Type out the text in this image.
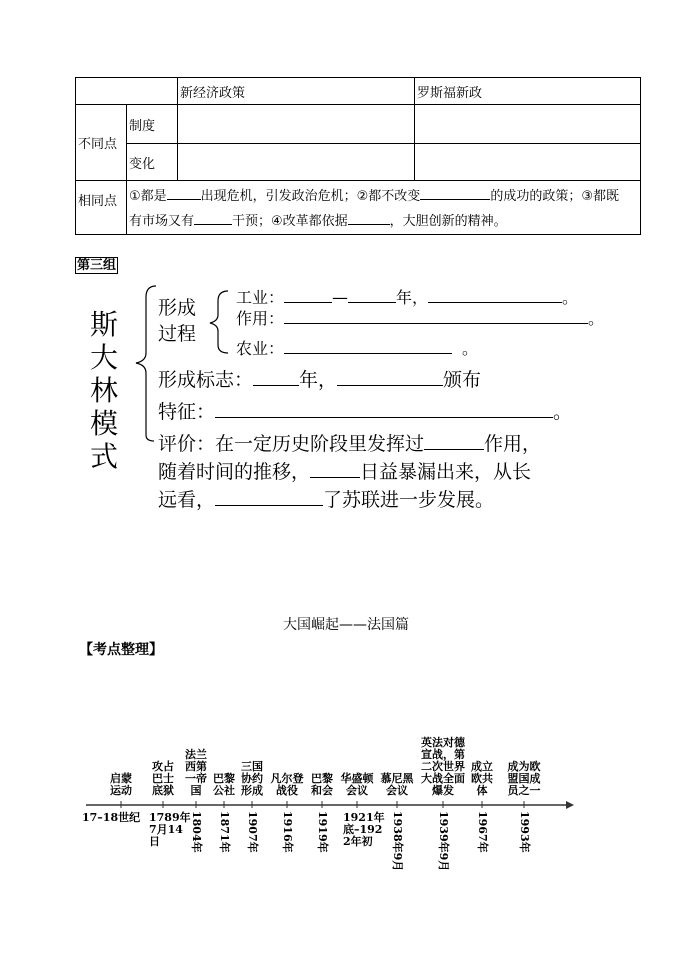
		新经济政策	罗斯福新政
不同点	制度		
	变化		
相同点	①都是 出现危机，引发政治危机；②都不改变 的成功的政策；③都既
有市场又有 干预；④改革都依据 ，大胆创新的精神。		
第三组
斯
大
林
模
式
形成
过程
工业：	—	年，	。
作用：	。
农业：	。
形成标志： 年，	颁布
特征：	。
评价：在一定历史阶段里发挥过	作用，
随着时间的推移，	日益暴漏出来，从长
远看，	了苏联进一步发展。
大国崛起——法国篇
【考点整理】
启蒙
运动
17–18世纪
攻占
巴士
底狱
1789年7月14日
法兰
西第
一帝
国
1804年
巴黎
公社
1871年
三国
协约
形成
1907年
凡尔登
战役
1916年
巴黎
和会
1919年
华盛顿
会议
1921年底–1922年初
慕尼黑
会议
1938年9月
英法对德
宣战，第
二次世界
大战全面
爆发
1939年9月
成立
欧共
体
1967年
成为欧
盟国成
员之一
1993年
